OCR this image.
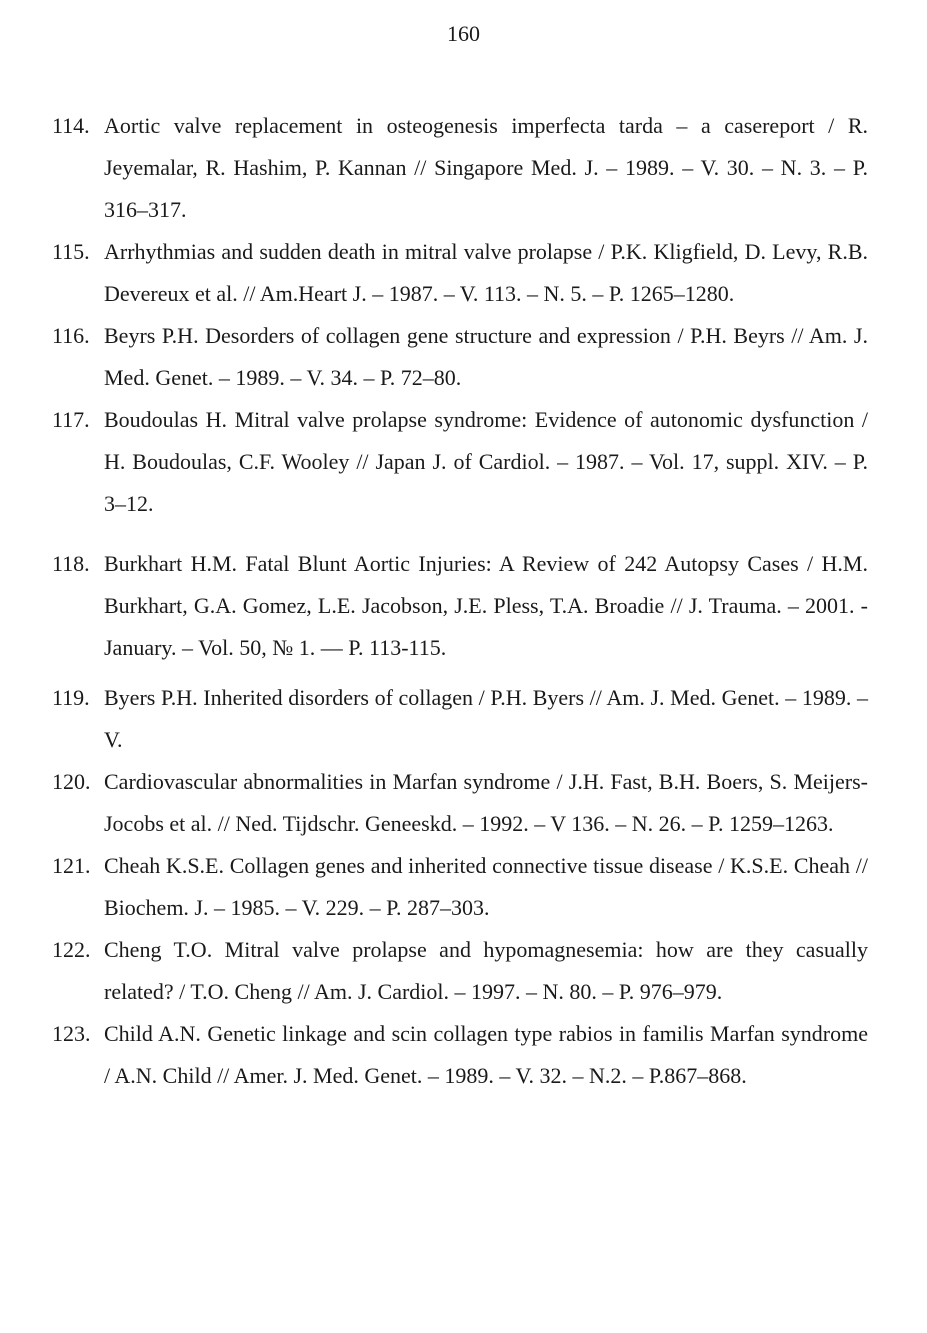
160
114. Aortic valve replacement in osteogenesis imperfecta tarda – a casereport / R. Jeyemalar, R. Hashim, P. Kannan // Singapore Med. J. – 1989. – V. 30. – N. 3. – P. 316–317.
115. Arrhythmias and sudden death in mitral valve prolapse / P.K. Kligfield, D. Levy, R.B. Devereux et al. // Am.Heart J. – 1987. – V. 113. – N. 5. – P. 1265–1280.
116. Beyrs P.H. Desorders of collagen gene structure and expression / P.H. Beyrs // Am. J. Med. Genet. – 1989. – V. 34. – P. 72–80.
117. Boudoulas H. Mitral valve prolapse syndrome: Evidence of autonomic dysfunction / H. Boudoulas, C.F. Wooley // Japan J. of Cardiol. – 1987. – Vol. 17, suppl. XIV. – P. 3–12.
118. Burkhart H.M. Fatal Blunt Aortic Injuries: A Review of 242 Autopsy Cases / H.M. Burkhart, G.A. Gomez, L.E. Jacobson, J.E. Pless, T.A. Broadie // J. Trauma. – 2001. - January. – Vol. 50, № 1. — P. 113-115.
119. Byers P.H. Inherited disorders of collagen / P.H. Byers // Am. J. Med. Genet. – 1989. – V.
120. Cardiovascular abnormalities in Marfan syndrome / J.H. Fast, B.H. Boers, S. Meijers-Jocobs et al. // Ned. Tijdschr. Geneeskd. – 1992. – V 136. – N. 26. – P. 1259–1263.
121. Cheah K.S.E. Collagen genes and inherited connective tissue disease / K.S.E. Cheah // Biochem. J. – 1985. – V. 229. – P. 287–303.
122. Cheng T.O. Mitral valve prolapse and hypomagnesemia: how are they casually related? / T.O. Cheng // Am. J. Cardiol. – 1997. – N. 80. – P. 976–979.
123. Child A.N. Genetic linkage and scin collagen type rabios in familis Marfan syndrome / A.N. Child // Amer. J. Med. Genet. – 1989. – V. 32. – N.2. – P.867–868.
